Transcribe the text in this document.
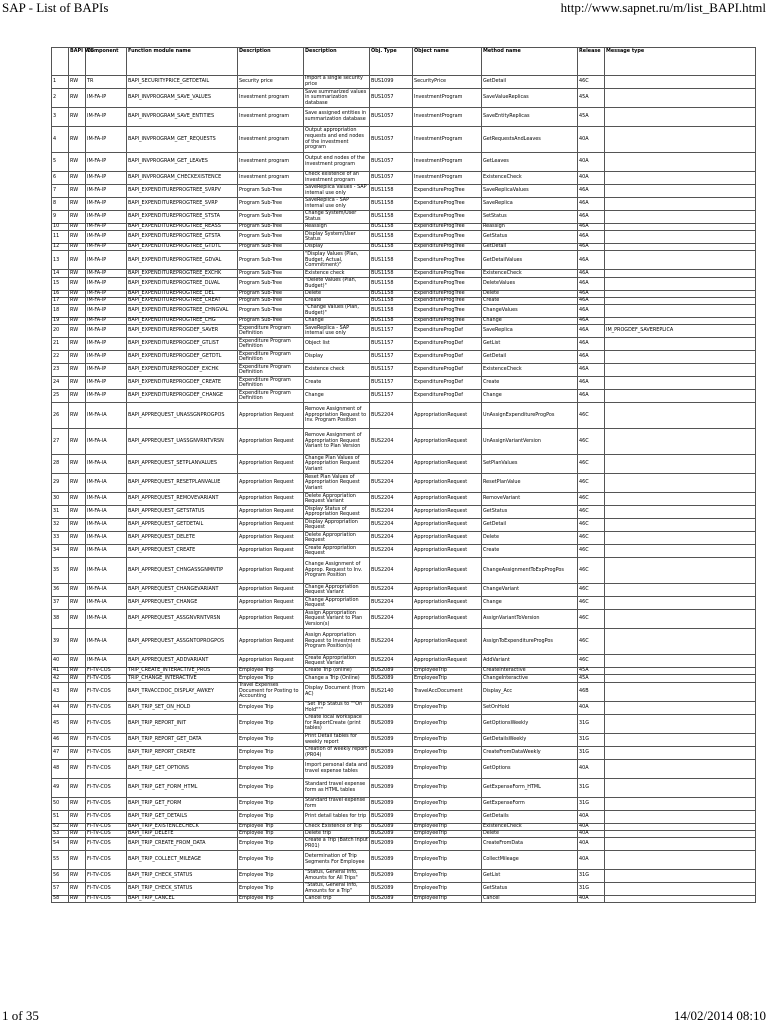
SAP - List of BAPIs	http://www.sapnet.ru/m/list_BAPI.html
	BAPI WG	Component	Function module name	Description	Description	Obj. Type	Object name	Method name	Release	Message type
1	RW	TR	BAPI_SECURITYPRICE_GETDETAIL	Security price	Import a single security price	BUS1099	SecurityPrice	GetDetail	46C	
2	RW	IM-FA-IP	BAPI_INVPROGRAM_SAVE_VALUES	Investment program	Save summarized values in summarization database	BUS1057	InvestmentProgram	SaveValueReplicas	45A	
3	RW	IM-FA-IP	BAPI_INVPROGRAM_SAVE_ENTITIES	Investment program	Save assigned entities in summarization database	BUS1057	InvestmentProgram	SaveEntityReplicas	45A	
4	RW	IM-FA-IP	BAPI_INVPROGRAM_GET_REQUESTS	Investment program	Output appropriation requests and end nodes of the investment program	BUS1057	InvestmentProgram	GetRequestsAndLeaves	40A	
5	RW	IM-FA-IP	BAPI_INVPROGRAM_GET_LEAVES	Investment program	Output end nodes of the investment program	BUS1057	InvestmentProgram	GetLeaves	40A	
6	RW	IM-FA-IP	BAPI_INVPROGRAM_CHECKEXISTENCE	Investment program	Check existence of an investment program	BUS1057	InvestmentProgram	ExistenceCheck	40A	
7	RW	IM-FA-IP	BAPI_EXPENDITUREPROGTREE_SVRPV	Program Sub-Tree	SaveReplica Values - SAP internal use only	BUS1158	ExpenditureProgTree	SaveReplicaValues	46A	
8	RW	IM-FA-IP	BAPI_EXPENDITUREPROGTREE_SVRP	Program Sub-Tree	SaveReplica - SAP internal use only	BUS1158	ExpenditureProgTree	SaveReplica	46A	
9	RW	IM-FA-IP	BAPI_EXPENDITUREPROGTREE_STSTA	Program Sub-Tree	Change System/User Status	BUS1158	ExpenditureProgTree	SetStatus	46A	
10	RW	IM-FA-IP	BAPI_EXPENDITUREPROGTREE_REASS	Program Sub-Tree	Reassign	BUS1158	ExpenditureProgTree	Reassign	46A	
11	RW	IM-FA-IP	BAPI_EXPENDITUREPROGTREE_GTSTA	Program Sub-Tree	Display System/User Status	BUS1158	ExpenditureProgTree	GetStatus	46A	
12	RW	IM-FA-IP	BAPI_EXPENDITUREPROGTREE_GTDTL	Program Sub-Tree	Display	BUS1158	ExpenditureProgTree	GetDetail	46A	
13	RW	IM-FA-IP	BAPI_EXPENDITUREPROGTREE_GDVAL	Program Sub-Tree	"Display Values (Plan, Budget, Actual, Commitment)"	BUS1158	ExpenditureProgTree	GetDetailValues	46A	
14	RW	IM-FA-IP	BAPI_EXPENDITUREPROGTREE_EXCHK	Program Sub-Tree	Existence check	BUS1158	ExpenditureProgTree	ExistenceCheck	46A	
15	RW	IM-FA-IP	BAPI_EXPENDITUREPROGTREE_DLVAL	Program Sub-Tree	"Delete Values (Plan, Budget)"	BUS1158	ExpenditureProgTree	DeleteValues	46A	
16	RW	IM-FA-IP	BAPI_EXPENDITUREPROGTREE_DEL	Program Sub-Tree	Delete	BUS1158	ExpenditureProgTree	Delete	46A	
17	RW	IM-FA-IP	BAPI_EXPENDITUREPROGTREE_CREAT	Program Sub-Tree	Create	BUS1158	ExpenditureProgTree	Create	46A	
18	RW	IM-FA-IP	BAPI_EXPENDITUREPROGTREE_CHNGVAL	Program Sub-Tree	"Change Values (Plan, Budget)"	BUS1158	ExpenditureProgTree	ChangeValues	46A	
19	RW	IM-FA-IP	BAPI_EXPENDITUREPROGTREE_CHG	Program Sub-Tree	Change	BUS1158	ExpenditureProgTree	Change	46A	
20	RW	IM-FA-IP	BAPI_EXPENDITUREPROGDEF_SAVER	Expenditure Program Definition	SaveReplica - SAP internal use only	BUS1157	ExpenditureProgDef	SaveReplica	46A	IM_PROGDEF_SAVEREPLICA
21	RW	IM-FA-IP	BAPI_EXPENDITUREPROGDEF_GTLIST	Expenditure Program Definition	Object list	BUS1157	ExpenditureProgDef	GetList	46A	
22	RW	IM-FA-IP	BAPI_EXPENDITUREPROGDEF_GETDTL	Expenditure Program Definition	Display	BUS1157	ExpenditureProgDef	GetDetail	46A	
23	RW	IM-FA-IP	BAPI_EXPENDITUREPROGDEF_EXCHK	Expenditure Program Definition	Existence check	BUS1157	ExpenditureProgDef	ExistenceCheck	46A	
24	RW	IM-FA-IP	BAPI_EXPENDITUREPROGDEF_CREATE	Expenditure Program Definition	Create	BUS1157	ExpenditureProgDef	Create	46A	
25	RW	IM-FA-IP	BAPI_EXPENDITUREPROGDEF_CHANGE	Expenditure Program Definition	Change	BUS1157	ExpenditureProgDef	Change	46A	
26	RW	IM-FA-IA	BAPI_APPREQUEST_UNASSGNPROGPOS	Appropriation Request	Remove Assignment of Appropriation Request to Inv. Program Position	BUS2204	AppropriationRequest	UnAssignExpenditureProgPos	46C	
27	RW	IM-FA-IA	BAPI_APPREQUEST_UASSGNVRNTVRSN	Appropriation Request	Remove Assignment of Appropriation Request Variant to Plan Version	BUS2204	AppropriationRequest	UnAssignVariantVersion	46C	
28	RW	IM-FA-IA	BAPI_APPREQUEST_SETPLANVALUES	Appropriation Request	Change Plan Values of Appropriation Request Variant	BUS2204	AppropriationRequest	SetPlanValues	46C	
29	RW	IM-FA-IA	BAPI_APPREQUEST_RESETPLANVALUE	Appropriation Request	Reset Plan Values of Appropriation Request Variant	BUS2204	AppropriationRequest	ResetPlanValue	46C	
30	RW	IM-FA-IA	BAPI_APPREQUEST_REMOVEVARIANT	Appropriation Request	Delete Appropriation Request Variant	BUS2204	AppropriationRequest	RemoveVariant	46C	
31	RW	IM-FA-IA	BAPI_APPREQUEST_GETSTATUS	Appropriation Request	Display Status of Appropriation Request	BUS2204	AppropriationRequest	GetStatus	46C	
32	RW	IM-FA-IA	BAPI_APPREQUEST_GETDETAIL	Appropriation Request	Display Appropriation Request	BUS2204	AppropriationRequest	GetDetail	46C	
33	RW	IM-FA-IA	BAPI_APPREQUEST_DELETE	Appropriation Request	Delete Appropriation Request	BUS2204	AppropriationRequest	Delete	46C	
34	RW	IM-FA-IA	BAPI_APPREQUEST_CREATE	Appropriation Request	Create Appropriation Request	BUS2204	AppropriationRequest	Create	46C	
35	RW	IM-FA-IA	BAPI_APPREQUEST_CHNGASSGNMNTIP	Appropriation Request	Change Assignment of Approp. Request to Inv. Program Position	BUS2204	AppropriationRequest	ChangeAssignmentToExpProgPos	46C	
36	RW	IM-FA-IA	BAPI_APPREQUEST_CHANGEVARIANT	Appropriation Request	Change Appropriation Request Variant	BUS2204	AppropriationRequest	ChangeVariant	46C	
37	RW	IM-FA-IA	BAPI_APPREQUEST_CHANGE	Appropriation Request	Change Appropriation Request	BUS2204	AppropriationRequest	Change	46C	
38	RW	IM-FA-IA	BAPI_APPREQUEST_ASSGNVRNTVRSN	Appropriation Request	Assign Appropriation Request Variant to Plan Version(s)	BUS2204	AppropriationRequest	AssignVariantToVersion	46C	
39	RW	IM-FA-IA	BAPI_APPREQUEST_ASSGNTOPROGPOS	Appropriation Request	Assign Appropriation Request to Investment Program Position(s)	BUS2204	AppropriationRequest	AssignToExpenditureProgPos	46C	
40	RW	IM-FA-IA	BAPI_APPREQUEST_ADDVARIANT	Appropriation Request	Create Appropriation Request Variant	BUS2204	AppropriationRequest	AddVariant	46C	
41	RW	FI-TV-COS	TRIP_CREATE_INTERACTIVE_PROS	Employee Trip	Create Trip (online)	BUS2089	EmployeeTrip	CreateInteractive	45A	
42	RW	FI-TV-COS	TRIP_CHANGE_INTERACTIVE	Employee Trip	Change a Trip (Online)	BUS2089	EmployeeTrip	ChangeInteractive	45A	
43	RW	FI-TV-COS	BAPI_TRVACCDOC_DISPLAY_AWKEY	Travel Expenses Document for Posting to Accounting	Display Document (from AC)	BUS2140	TravelAccDocument	Display_Acc	46B	
44	RW	FI-TV-COS	BAPI_TRIP_SET_ON_HOLD	Employee Trip	"Set Trip Status to ""On Hold"""	BUS2089	EmployeeTrip	SetOnHold	40A	
45	RW	FI-TV-COS	BAPI_TRIP_REPORT_INIT	Employee Trip	Create local workspace for ReportCreate (print tables)	BUS2089	EmployeeTrip	GetOptionsWeekly	31G	
46	RW	FI-TV-COS	BAPI_TRIP_REPORT_GET_DATA	Employee Trip	Print Detail tables for weekly report	BUS2089	EmployeeTrip	GetDetailsWeekly	31G	
47	RW	FI-TV-COS	BAPI_TRIP_REPORT_CREATE	Employee Trip	Creation of weekly report (PR04)	BUS2089	EmployeeTrip	CreateFromDataWeekly	31G	
48	RW	FI-TV-COS	BAPI_TRIP_GET_OPTIONS	Employee Trip	Import personal data and travel expense tables	BUS2089	EmployeeTrip	GetOptions	40A	
49	RW	FI-TV-COS	BAPI_TRIP_GET_FORM_HTML	Employee Trip	Standard travel expense form as HTML tables	BUS2089	EmployeeTrip	GetExpenseForm_HTML	31G	
50	RW	FI-TV-COS	BAPI_TRIP_GET_FORM	Employee Trip	Standard travel expense form	BUS2089	EmployeeTrip	GetExpenseForm	31G	
51	RW	FI-TV-COS	BAPI_TRIP_GET_DETAILS	Employee Trip	Print detail tables for trip	BUS2089	EmployeeTrip	GetDetails	40A	
52	RW	FI-TV-COS	BAPI_TRIP_EXISTENCECHECK	Employee Trip	Check Existence of Trip	BUS2089	EmployeeTrip	ExistenceCheck	40A	
53	RW	FI-TV-COS	BAPI_TRIP_DELETE	Employee Trip	Delete trip	BUS2089	EmployeeTrip	Delete	40A	
54	RW	FI-TV-COS	BAPI_TRIP_CREATE_FROM_DATA	Employee Trip	Create a Trip (Batch Input PR01)	BUS2089	EmployeeTrip	CreateFromData	40A	
55	RW	FI-TV-COS	BAPI_TRIP_COLLECT_MILEAGE	Employee Trip	Determination of Trip Segments For Employee	BUS2089	EmployeeTrip	CollectMileage	40A	
56	RW	FI-TV-COS	BAPI_TRIP_CHECK_STATUS	Employee Trip	"Status, General Info, Amounts for All Trips"	BUS2089	EmployeeTrip	GetList	31G	
57	RW	FI-TV-COS	BAPI_TRIP_CHECK_STATUS	Employee Trip	"Status, General Info, Amounts for a Trip"	BUS2089	EmployeeTrip	GetStatus	31G	
58	RW	FI-TV-COS	BAPI_TRIP_CANCEL	Employee Trip	Cancel trip	BUS2089	EmployeeTrip	Cancel	40A	
1 of 35	14/02/2014 08:10
